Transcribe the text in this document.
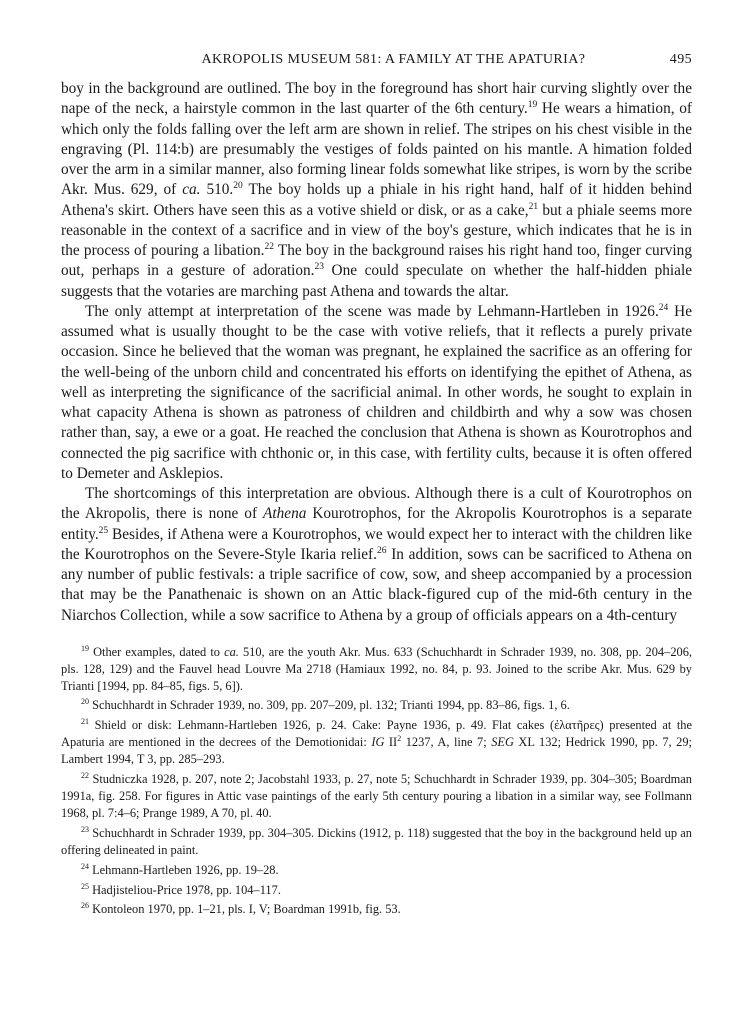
AKROPOLIS MUSEUM 581: A FAMILY AT THE APATURIA?	495

boy in the background are outlined. The boy in the foreground has short hair curving slightly over the nape of the neck, a hairstyle common in the last quarter of the 6th century.$^{19}$ He wears a himation, of which only the folds falling over the left arm are shown in relief. The stripes on his chest visible in the engraving (Pl. 114:b) are presumably the vestiges of folds painted on his mantle. A himation folded over the arm in a similar manner, also forming linear folds somewhat like stripes, is worn by the scribe Akr. Mus. 629, of ca. 510.20 The boy holds up a phiale in his right hand, half of it hidden behind Athena's skirt. Others have seen this as a votive shield or disk, or as a cake,$^{21}$ but a phiale seems more reasonable in the context of a sacrifice and in view of the boy's gesture, which indicates that he is in the process of pouring a libation.$^{22}$ The boy in the background raises his right hand too, finger curving out, perhaps in a gesture of adoration.$^{23}$ One could speculate on whether the half-hidden phiale suggests that the votaries are marching past Athena and towards the altar.

The only attempt at interpretation of the scene was made by Lehmann-Hartleben in 1926.24 He assumed what is usually thought to be the case with votive reliefs, that it reflects a purely private occasion. Since he believed that the woman was pregnant, he explained the sacrifice as an offering for the well-being of the unborn child and concentrated his efforts on identifying the epithet of Athena, as well as interpreting the significance of the sacrificial animal. In other words, he sought to explain in what capacity Athena is shown as patroness of children and childbirth and why a sow was chosen rather than, say, a ewe or a goat. He reached the conclusion that Athena is shown as Kourotrophos and connected the pig sacrifice with chthonic or, in this case, with fertility cults, because it is often offered to Demeter and Asklepios.

The shortcomings of this interpretation are obvious. Although there is a cult of Kourotrophos on the Akropolis, there is none of Athena Kourotrophos, for the Akropolis Kourotrophos is a separate entity.$^{25}$ Besides, if Athena were a Kourotrophos, we would expect her to interact with the children like the Kourotrophos on the Severe-Style Ikaria relief.$^{26}$ In addition, sows can be sacrificed to Athena on any number of public festivals: a triple sacrifice of cow, sow, and sheep accompanied by a procession that may be the Panathenaic is shown on an Attic black-figured cup of the mid-6th century in the Niarchos Collection, while a sow sacrifice to Athena by a group of officials appears on a 4th-century

$^{19}$ Other examples, dated to ca. 510, are the youth Akr. Mus. 633 (Schuchhardt in Schrader 1939, no. 308, pp. 204–206, pls. 128, 129) and the Fauvel head Louvre Ma 2718 (Hamiaux 1992, no. 84, p. 93. Joined to the scribe Akr. Mus. 629 by Trianti [1994, pp. 84–85, figs. 5, 6]).

$^{20}$ Schuchhardt in Schrader 1939, no. 309, pp. 207–209, pl. 132; Trianti 1994, pp. 83–86, figs. 1, 6.

$^{21}$ Shield or disk: Lehmann-Hartleben 1926, p. 24. Cake: Payne 1936, p. 49. Flat cakes (ἐλατῆρες) presented at the Apaturia are mentioned in the decrees of the Demotionidai: IG $II^2$ 1237, A, line 7; SEG XL 132; Hedrick 1990, pp. 7, 29; Lambert 1994, T 3, pp. 285–293.

$^{22}$ Studniczka 1928, p. 207, note 2; Jacobstahl 1933, p. 27, note 5; Schuchhardt in Schrader 1939, pp. 304–305; Boardman 1991a, fig. 258. For figures in Attic vase paintings of the early 5th century pouring a libation in a similar way, see Follmann 1968, pl. 7:4–6; Prange 1989, A 70, pl. 40.

$^{23}$ Schuchhardt in Schrader 1939, pp. 304–305. Dickins (1912, p. 118) suggested that the boy in the background held up an offering delineated in paint.

$^{24}$ Lehmann-Hartleben 1926, pp. 19–28.

$^{25}$ Hadjisteliou-Price 1978, pp. 104–117.

$^{26}$ Kontoleon 1970, pp. 1–21, pls. I, V; Boardman 1991b, fig. 53.
